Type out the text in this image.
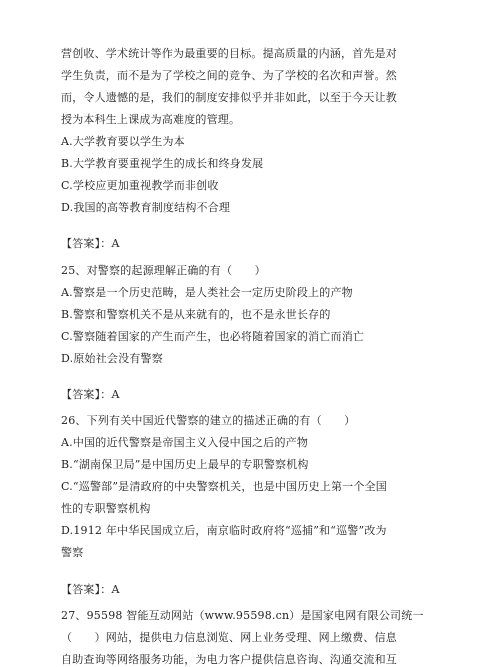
营创收、学术统计等作为最重要的目标。提高质量的内涵，首先是对
学生负责，而不是为了学校之间的竞争、为了学校的名次和声誉。然
而，令人遗憾的是，我们的制度安排似乎并非如此，以至于今天让教
授为本科生上课成为高难度的管理。
A.大学教育要以学生为本
B.大学教育要重视学生的成长和终身发展
C.学校应更加重视教学而非创收
D.我国的高等教育制度结构不合理
【答案】：A
25、对警察的起源理解正确的有（　　）
A.警察是一个历史范畴，是人类社会一定历史阶段上的产物
B.警察和警察机关不是从来就有的，也不是永世长存的
C.警察随着国家的产生而产生，也必将随着国家的消亡而消亡
D.原始社会没有警察
【答案】：A
26、下列有关中国近代警察的建立的描述正确的有（　　）
A.中国的近代警察是帝国主义入侵中国之后的产物
B.“湖南保卫局”是中国历史上最早的专职警察机构
C.“巡警部”是清政府的中央警察机关，也是中国历史上第一个全国
性的专职警察机构
D.1912 年中华民国成立后，南京临时政府将“巡捕”和“巡警”改为
警察
【答案】：A
27、95598 智能互动网站（www.95598.cn）是国家电网有限公司统一
（　　）网站，提供电力信息浏览、网上业务受理、网上缴费、信息
自助查询等网络服务功能，为电力客户提供信息咨询、沟通交流和互
